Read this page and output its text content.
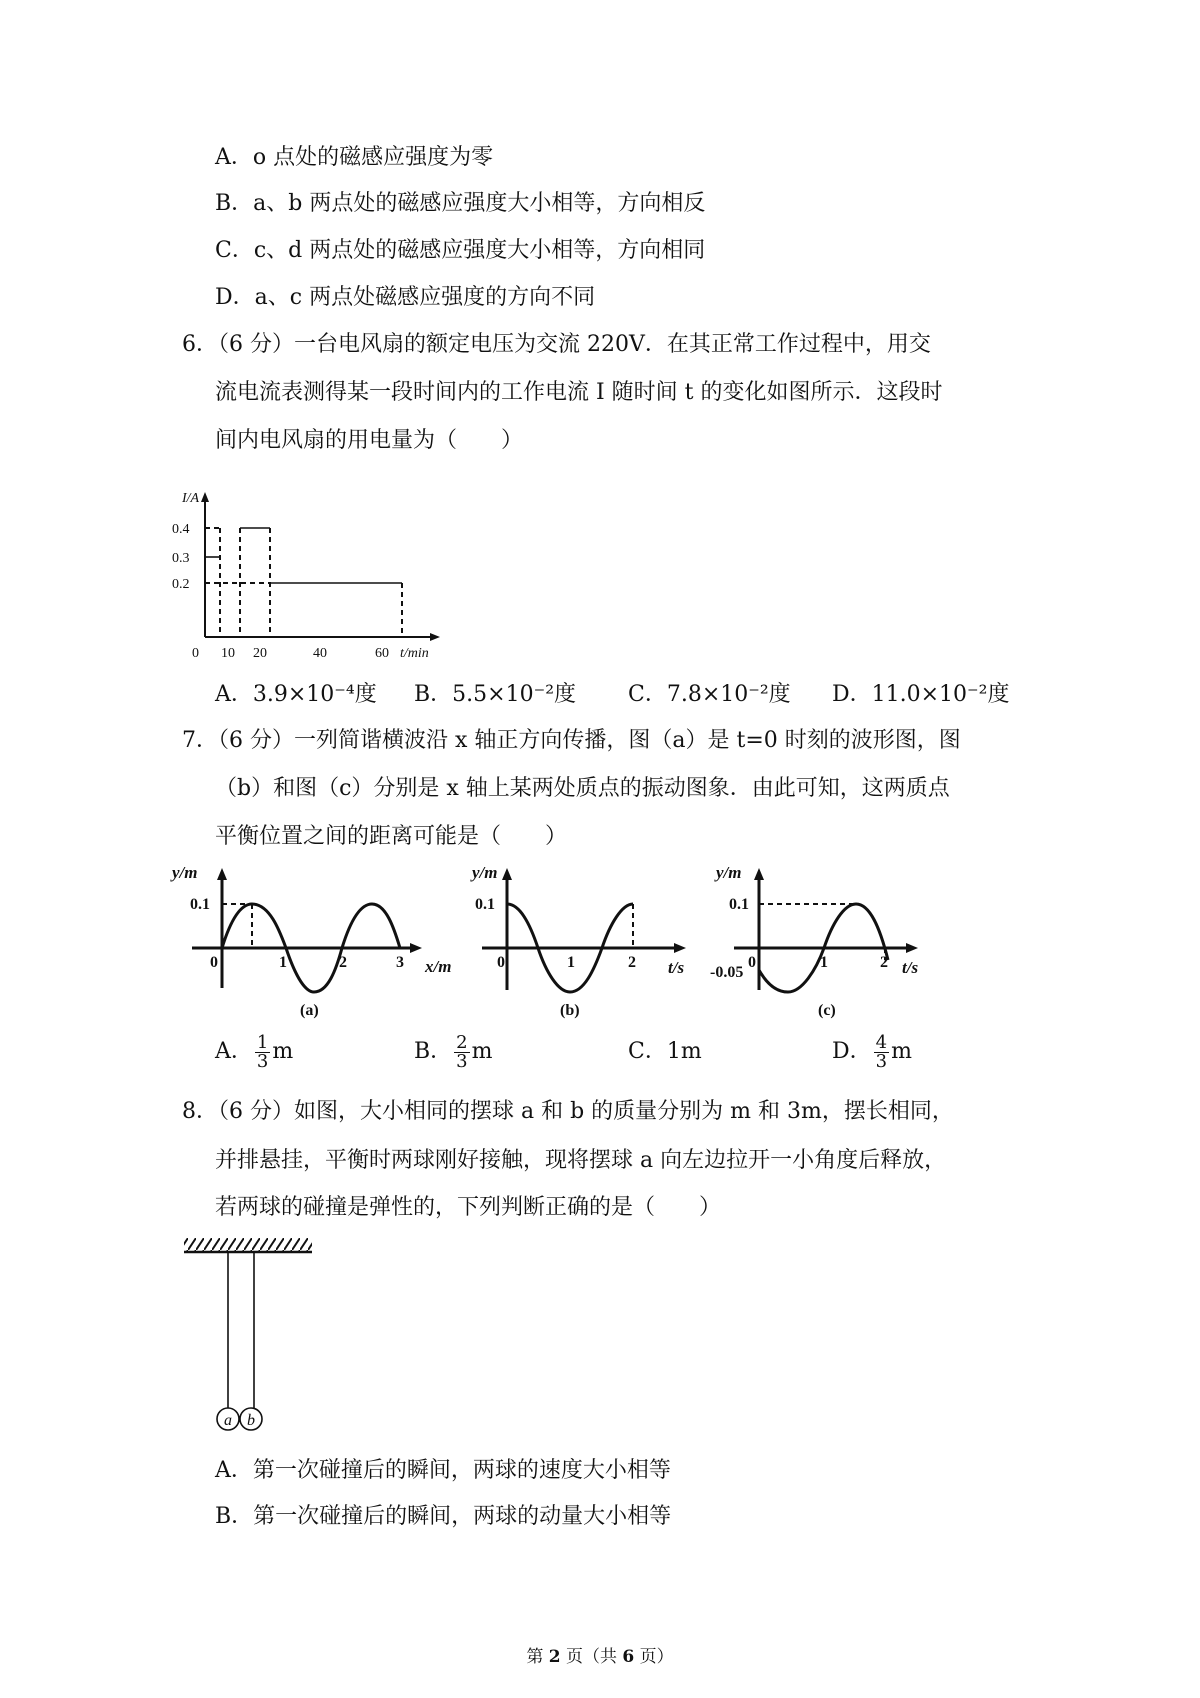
A．o 点处的磁感应强度为零
B．a、b 两点处的磁感应强度大小相等，方向相反
C．c、d 两点处的磁感应强度大小相等，方向相同
D．a、c 两点处磁感应强度的方向不同
6．（6 分）一台电风扇的额定电压为交流 220V．在其正常工作过程中，用交
流电流表测得某一段时间内的工作电流 I 随时间 t 的变化如图所示．这段时
间内电风扇的用电量为（　　）
I/A
t/min
0.4
0.3
0.2
0 10 20	40	60
A．3.9×10⁻⁴度 B．5.5×10⁻²度 C．7.8×10⁻²度 D．11.0×10⁻²度
7．（6 分）一列简谐横波沿 x 轴正方向传播，图（a）是 t=0 时刻的波形图，图
（b）和图（c）分别是 x 轴上某两处质点的振动图象．由此可知，这两质点
平衡位置之间的距离可能是（　　）
y/m
x/m
0.1
0	1	2	3
(a)
y/m
t/s
0.1
0	1	2
(b)
y/m
t/s
0.1
-0.05
0	1	2
(c)
A． $\frac{1}{3}$ m	B． $\frac{2}{3}$ m	C．1m	D． $\frac{4}{3}$ m
8．（6 分）如图，大小相同的摆球 a 和 b 的质量分别为 m 和 3m，摆长相同，
并排悬挂，平衡时两球刚好接触，现将摆球 a 向左边拉开一小角度后释放，
若两球的碰撞是弹性的，下列判断正确的是（　　）
a b
A．第一次碰撞后的瞬间，两球的速度大小相等
B．第一次碰撞后的瞬间，两球的动量大小相等
第 2 页（共 6 页）
